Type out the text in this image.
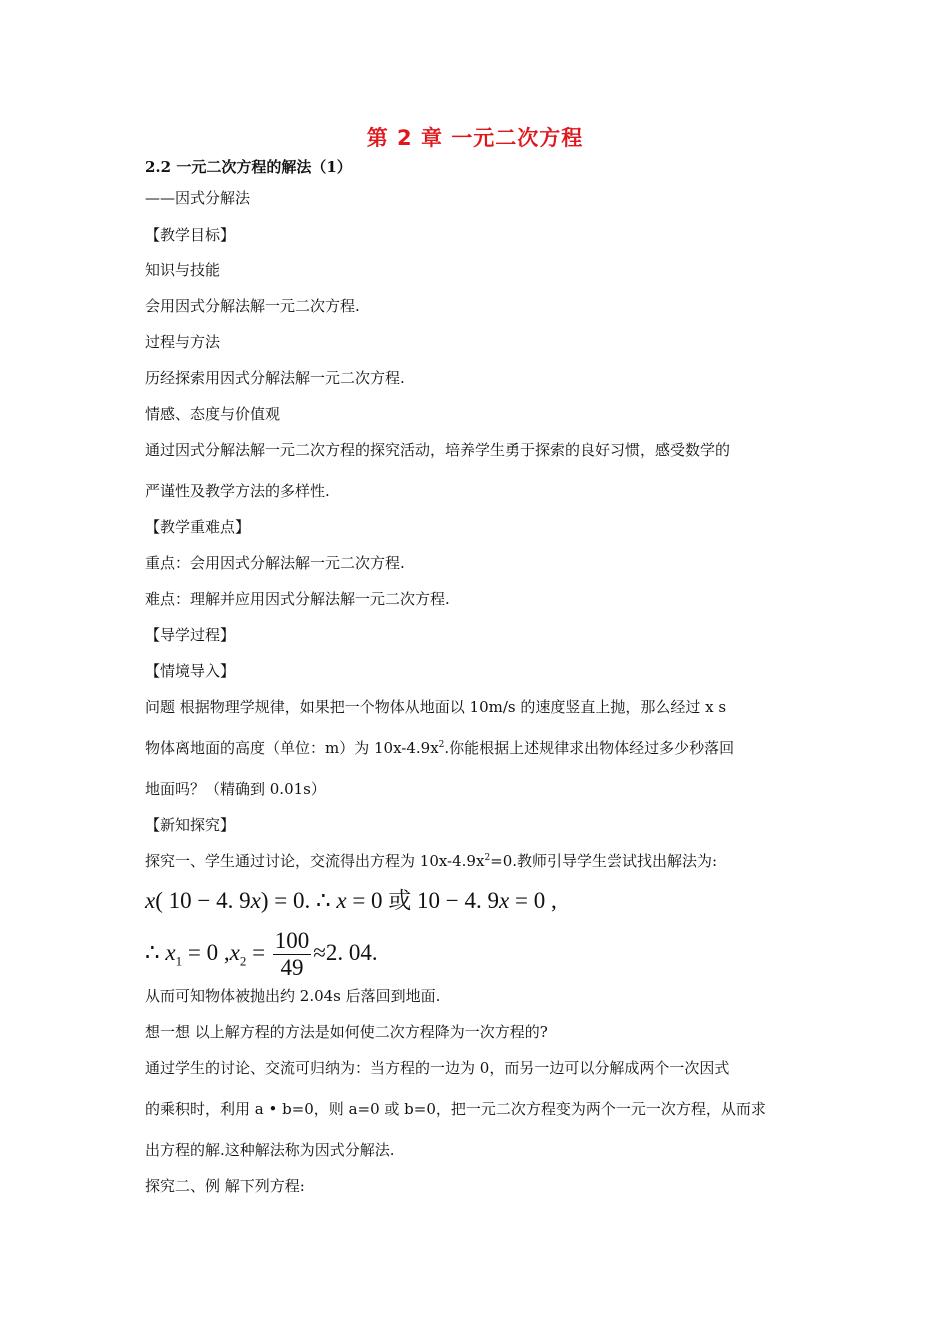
第 2 章 一元二次方程
2.2 一元二次方程的解法（1）
——因式分解法
【教学目标】
知识与技能
会用因式分解法解一元二次方程.
过程与方法
历经探索用因式分解法解一元二次方程.
情感、态度与价值观
通过因式分解法解一元二次方程的探究活动，培养学生勇于探索的良好习惯，感受数学的
严谨性及教学方法的多样性.
【教学重难点】
重点：会用因式分解法解一元二次方程.
难点：理解并应用因式分解法解一元二次方程.
【导学过程】
【情境导入】
问题 根据物理学规律，如果把一个物体从地面以 10m/s 的速度竖直上抛，那么经过 x s
物体离地面的高度（单位：m）为 $10x-4.9x^2$.你能根据上述规律求出物体经过多少秒落回
地面吗？（精确到 0.01s）
【新知探究】
探究一、学生通过讨论，交流得出方程为 $10x-4.9x^2=0$.教师引导学生尝试找出解法为:
x( 10 − 4. 9x) = 0. ∴ x = 0 或 10 − 4. 9x = 0 ,
∴ $x_1 = 0$ $,x_2 = \frac{100}{49} \approx 2$. 04.
从而可知物体被抛出约 2.04s 后落回到地面.
想一想 以上解方程的方法是如何使二次方程降为一次方程的?
通过学生的讨论、交流可归纳为：当方程的一边为 0，而另一边可以分解成两个一次因式
的乘积时，利用 a • b=0，则 a=0 或 b=0，把一元二次方程变为两个一元一次方程，从而求
出方程的解.这种解法称为因式分解法.
探究二、例 解下列方程:
